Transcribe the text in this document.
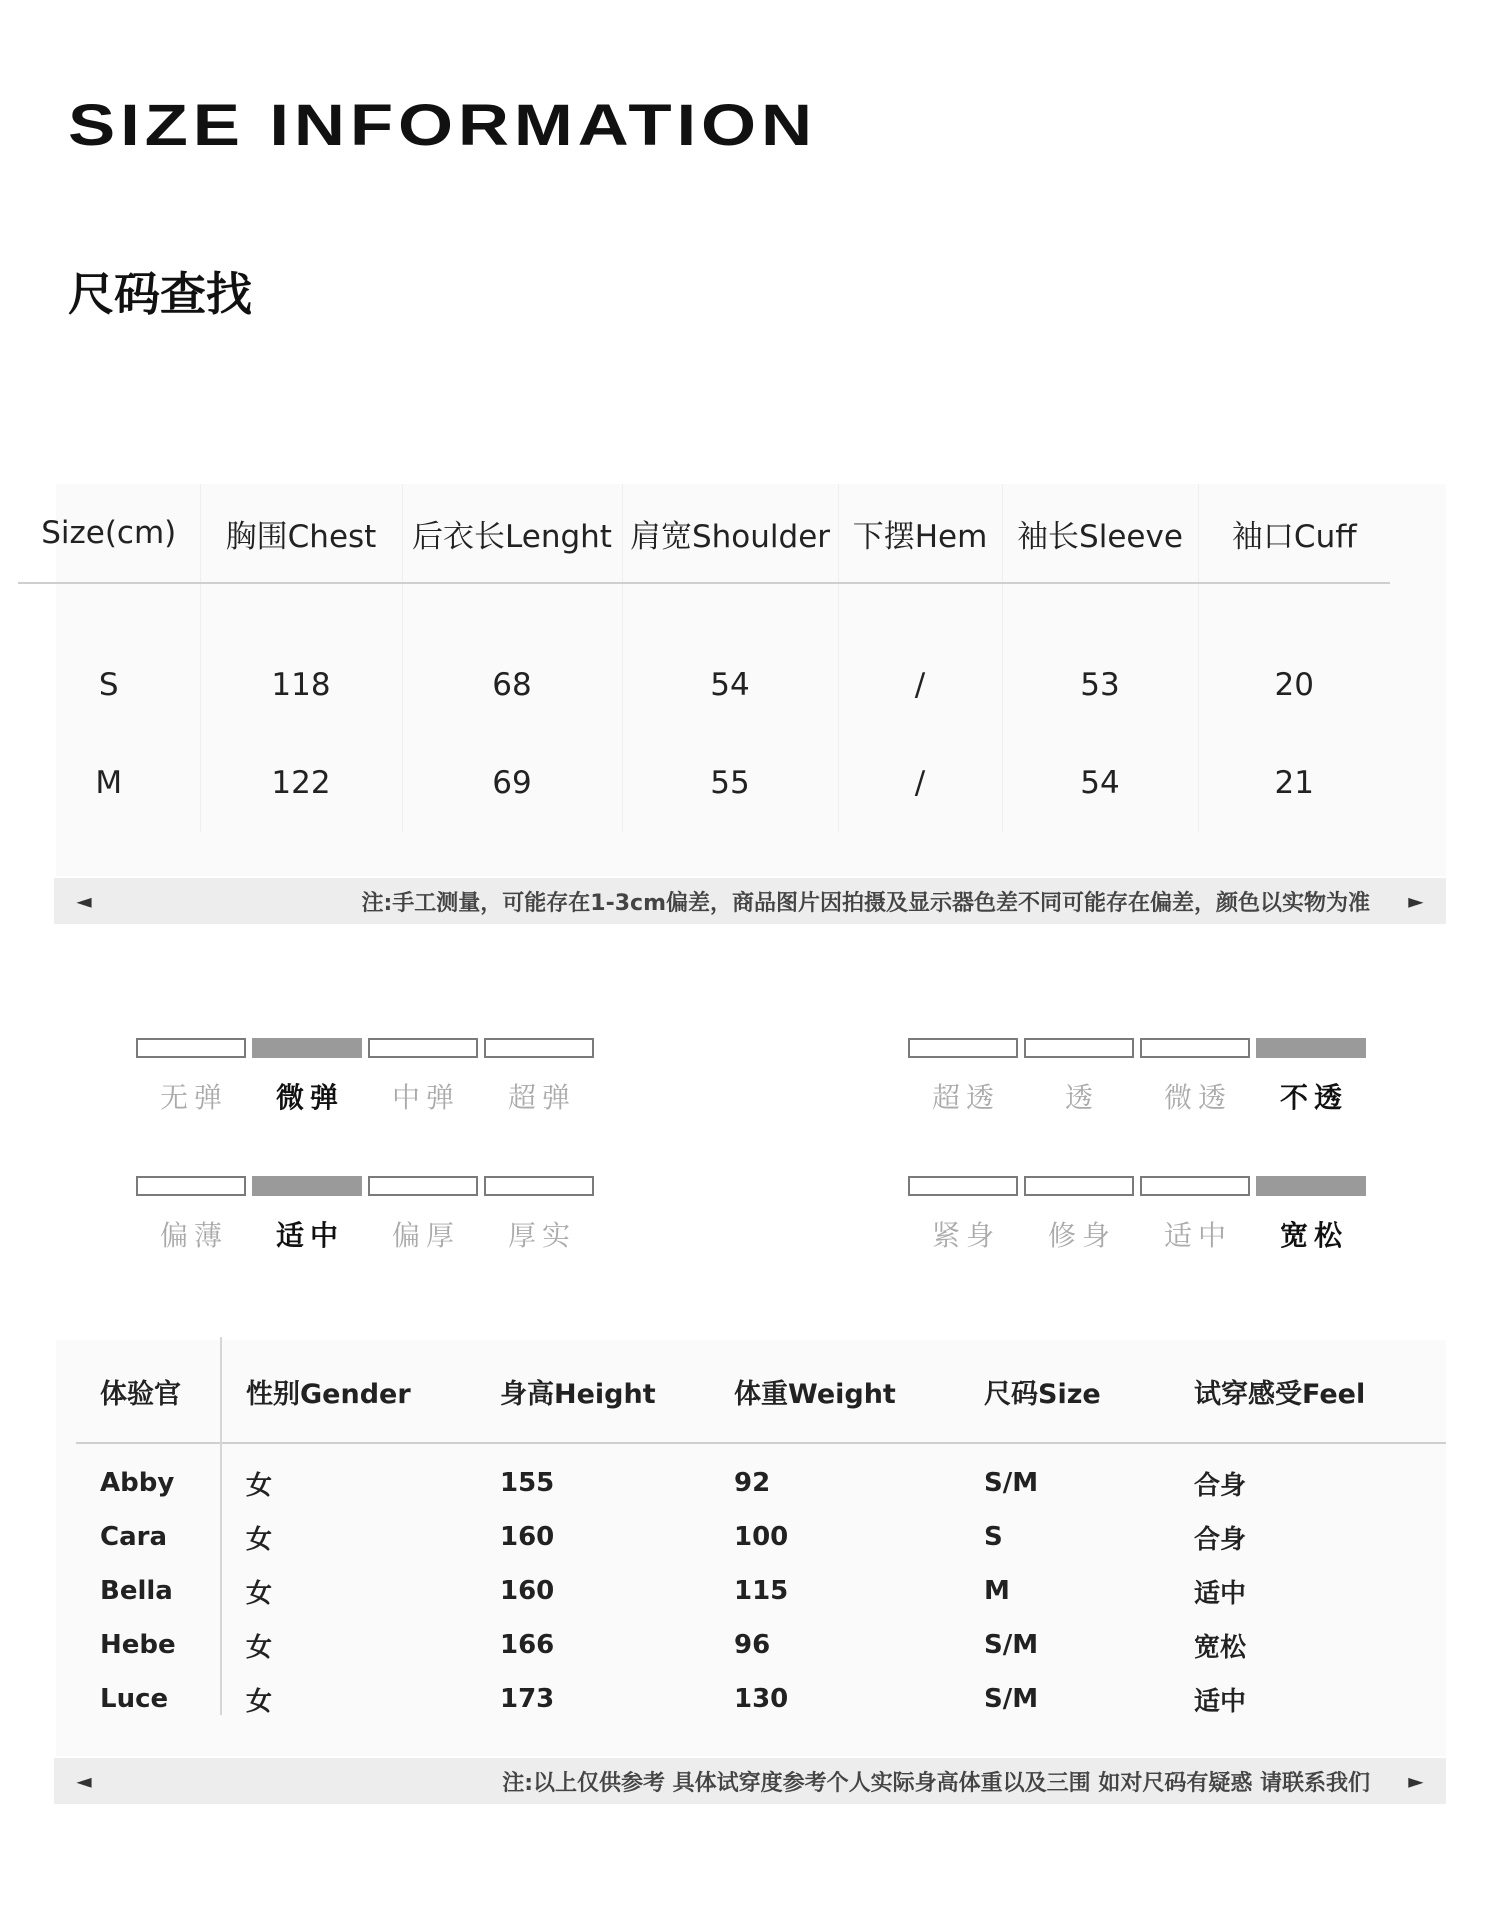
SIZE INFORMATION
尺码查找
Size(cm)	胸围Chest	后衣长Lenght	肩宽Shoulder	下摆Hem	袖长Sleeve	袖口Cuff

S	118	68	54	/	53	20
M	122	69	55	/	54	21
◄	注:手工测量，可能存在1-3cm偏差，商品图片因拍摄及显示器色差不同可能存在偏差，颜色以实物为准	►
无弹	微弹	中弹	超弹	超透	透	微透	不透
偏薄	适中	偏厚	厚实	紧身	修身	适中	宽松
体验官	性别Gender	身高Height	体重Weight	尺码Size	试穿感受Feel
Abby	女	155	92	S/M	合身
Cara	女	160	100	S	合身
Bella	女	160	115	M	适中
Hebe	女	166	96	S/M	宽松
Luce	女	173	130	S/M	适中
◄	注:以上仅供参考 具体试穿度参考个人实际身高体重以及三围 如对尺码有疑惑 请联系我们	►
